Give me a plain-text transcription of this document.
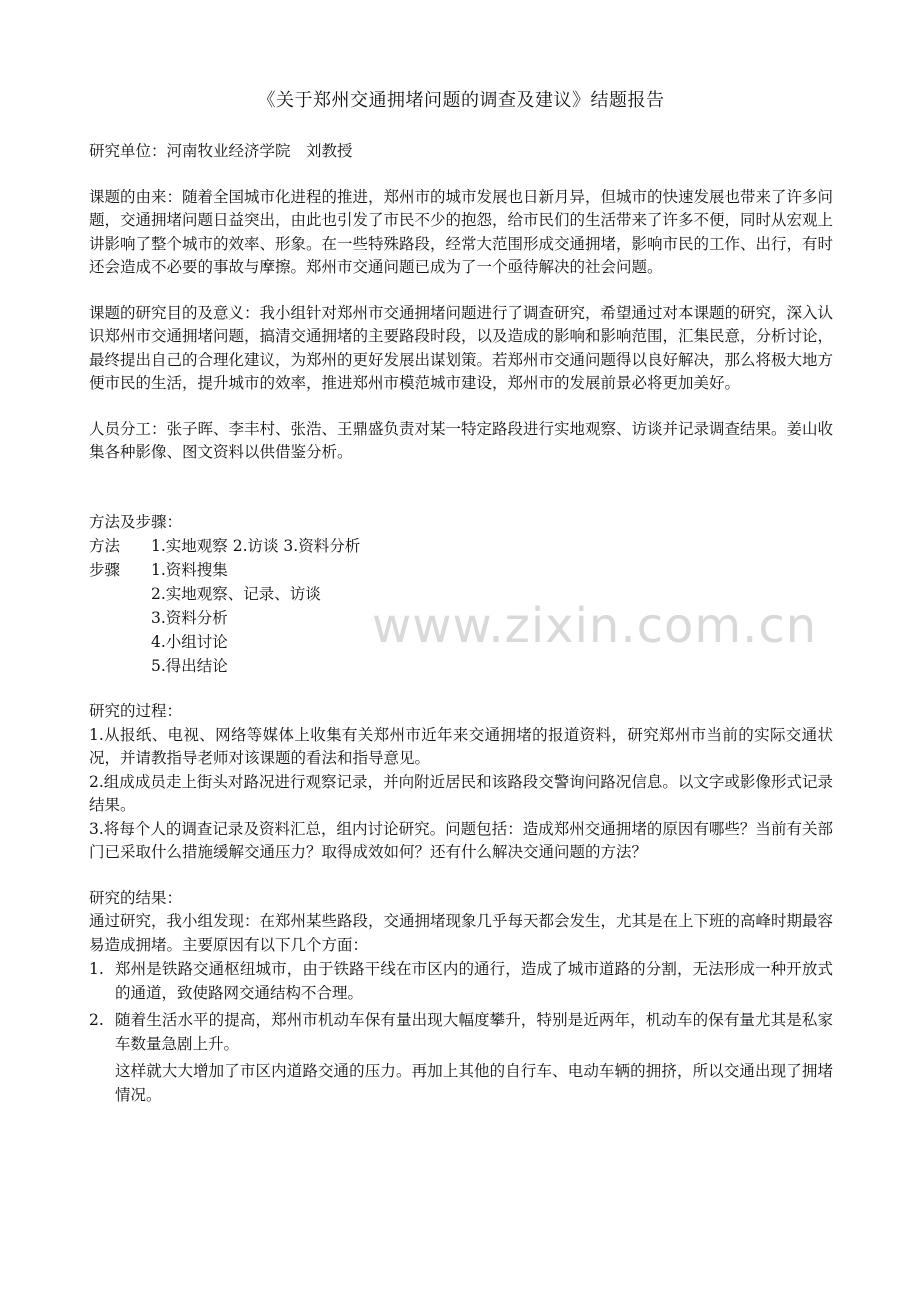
《关于郑州交通拥堵问题的调查及建议》结题报告

研究单位：河南牧业经济学院　刘教授

课题的由来：随着全国城市化进程的推进，郑州市的城市发展也日新月异，但城市的快速发展也带来了许多问题，交通拥堵问题日益突出，由此也引发了市民不少的抱怨，给市民们的生活带来了许多不便，同时从宏观上讲影响了整个城市的效率、形象。在一些特殊路段，经常大范围形成交通拥堵，影响市民的工作、出行，有时还会造成不必要的事故与摩擦。郑州市交通问题已成为了一个亟待解决的社会问题。

课题的研究目的及意义：我小组针对郑州市交通拥堵问题进行了调查研究，希望通过对本课题的研究，深入认识郑州市交通拥堵问题，搞清交通拥堵的主要路段时段，以及造成的影响和影响范围，汇集民意，分析讨论，最终提出自己的合理化建议，为郑州的更好发展出谋划策。若郑州市交通问题得以良好解决，那么将极大地方便市民的生活，提升城市的效率，推进郑州市模范城市建设，郑州市的发展前景必将更加美好。

人员分工：张子晖、李丰村、张浩、王鼎盛负责对某一特定路段进行实地观察、访谈并记录调查结果。姜山收集各种影像、图文资料以供借鉴分析。

方法及步骤：

方法	1.实地观察 2.访谈 3.资料分析
步骤	1.资料搜集
2.实地观察、记录、访谈
3.资料分析
4.小组讨论
5.得出结论

研究的过程：

1.从报纸、电视、网络等媒体上收集有关郑州市近年来交通拥堵的报道资料，研究郑州市当前的实际交通状况，并请教指导老师对该课题的看法和指导意见。

2.组成成员走上街头对路况进行观察记录，并向附近居民和该路段交警询问路况信息。以文字或影像形式记录结果。

3.将每个人的调查记录及资料汇总，组内讨论研究。问题包括：造成郑州交通拥堵的原因有哪些？当前有关部门已采取什么措施缓解交通压力？取得成效如何？还有什么解决交通问题的方法？

研究的结果：

通过研究，我小组发现：在郑州某些路段，交通拥堵现象几乎每天都会发生，尤其是在上下班的高峰时期最容易造成拥堵。主要原因有以下几个方面：

1. 郑州是铁路交通枢纽城市，由于铁路干线在市区内的通行，造成了城市道路的分割，无法形成一种开放式的通道，致使路网交通结构不合理。
2. 随着生活水平的提高，郑州市机动车保有量出现大幅度攀升，特别是近两年，机动车的保有量尤其是私家车数量急剧上升。
这样就大大增加了市区内道路交通的压力。再加上其他的自行车、电动车辆的拥挤，所以交通出现了拥堵情况。
www.zixin.com.cn
